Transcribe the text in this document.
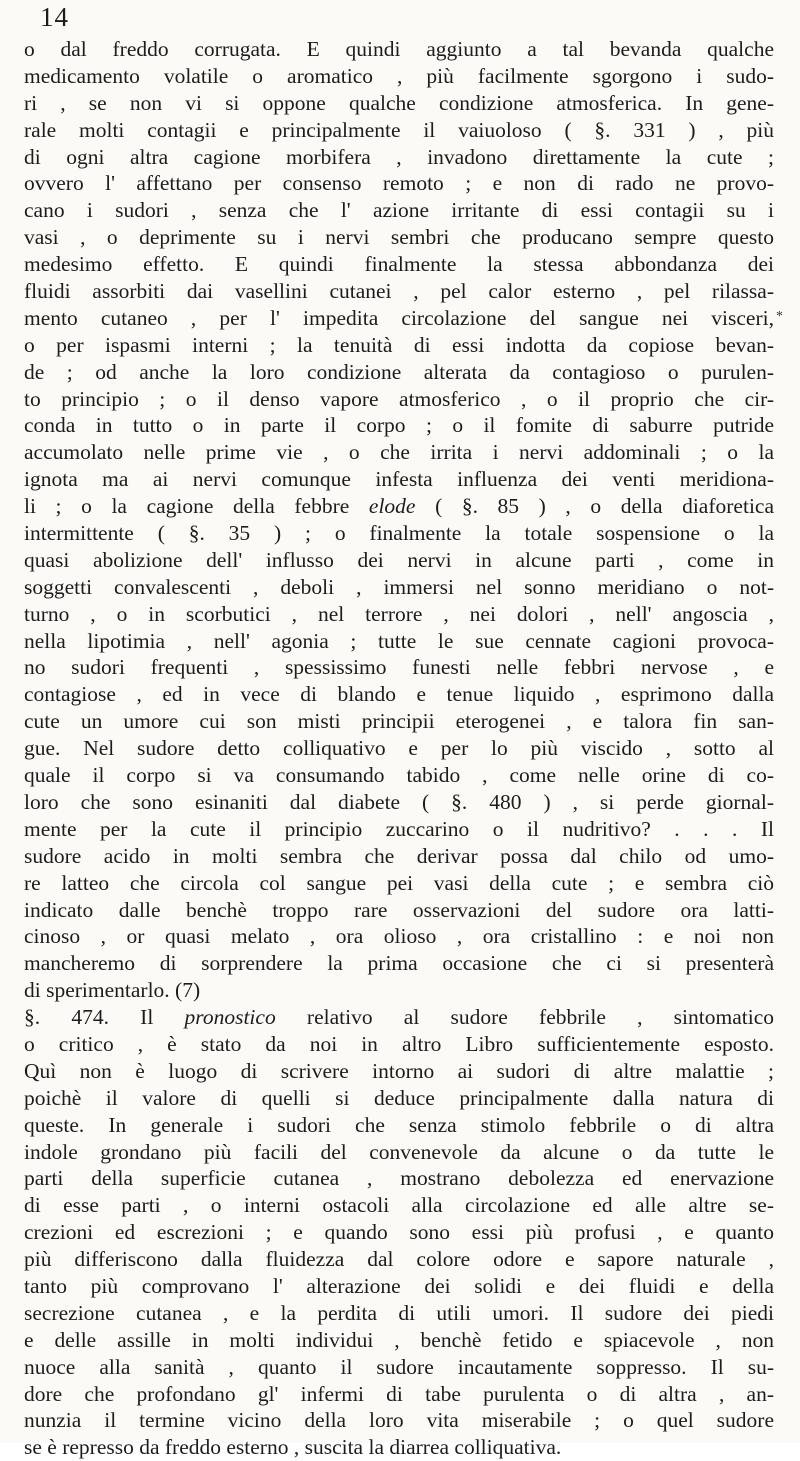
14
*
o dal freddo corrugata. E quindi aggiunto a tal bevanda qualche
medicamento volatile o aromatico , più facilmente sgorgono i sudo-
ri , se non vi si oppone qualche condizione atmosferica. In gene-
rale molti contagii e principalmente il vaiuoloso ( §. 331 ) , più
di ogni altra cagione morbifera , invadono direttamente la cute ;
ovvero l' affettano per consenso remoto ; e non di rado ne provo-
cano i sudori , senza che l' azione irritante di essi contagii su i
vasi , o deprimente su i nervi sembri che producano sempre questo
medesimo effetto. E quindi finalmente la stessa abbondanza dei
fluidi assorbiti dai vasellini cutanei , pel calor esterno , pel rilassa-
mento cutaneo , per l' impedita circolazione del sangue nei visceri,
o per ispasmi interni ; la tenuità di essi indotta da copiose bevan-
de ; od anche la loro condizione alterata da contagioso o purulen-
to principio ; o il denso vapore atmosferico , o il proprio che cir-
conda in tutto o in parte il corpo ; o il fomite di saburre putride
accumolato nelle prime vie , o che irrita i nervi addominali ; o la
ignota ma ai nervi comunque infesta influenza dei venti meridiona-
li ; o la cagione della febbre elode ( §. 85 ) , o della diaforetica
intermittente ( §. 35 ) ; o finalmente la totale sospensione o la
quasi abolizione dell' influsso dei nervi in alcune parti , come in
soggetti convalescenti , deboli , immersi nel sonno meridiano o not-
turno , o in scorbutici , nel terrore , nei dolori , nell' angoscia ,
nella lipotimia , nell' agonia ; tutte le sue cennate cagioni provoca-
no sudori frequenti , spessissimo funesti nelle febbri nervose , e
contagiose , ed in vece di blando e tenue liquido , esprimono dalla
cute un umore cui son misti principii eterogenei , e talora fin san-
gue. Nel sudore detto colliquativo e per lo più viscido , sotto al
quale il corpo si va consumando tabido , come nelle orine di co-
loro che sono esinaniti dal diabete ( §. 480 ) , si perde giornal-
mente per la cute il principio zuccarino o il nudritivo? . . . Il
sudore acido in molti sembra che derivar possa dal chilo od umo-
re latteo che circola col sangue pei vasi della cute ; e sembra ciò
indicato dalle benchè troppo rare osservazioni del sudore ora latti-
cinoso , or quasi melato , ora olioso , ora cristallino : e noi non
mancheremo di sorprendere la prima occasione che ci si presenterà
di sperimentarlo. (7)
§. 474. Il pronostico relativo al sudore febbrile , sintomatico
o critico , è stato da noi in altro Libro sufficientemente esposto.
Quì non è luogo di scrivere intorno ai sudori di altre malattie ;
poichè il valore di quelli si deduce principalmente dalla natura di
queste. In generale i sudori che senza stimolo febbrile o di altra
indole grondano più facili del convenevole da alcune o da tutte le
parti della superficie cutanea , mostrano debolezza ed enervazione
di esse parti , o interni ostacoli alla circolazione ed alle altre se-
crezioni ed escrezioni ; e quando sono essi più profusi , e quanto
più differiscono dalla fluidezza dal colore odore e sapore naturale ,
tanto più comprovano l' alterazione dei solidi e dei fluidi e della
secrezione cutanea , e la perdita di utili umori. Il sudore dei piedi
e delle assille in molti individui , benchè fetido e spiacevole , non
nuoce alla sanità , quanto il sudore incautamente soppresso. Il su-
dore che profondano gl' infermi di tabe purulenta o di altra , an-
nunzia il termine vicino della loro vita miserabile ; o quel sudore
se è represso da freddo esterno , suscita la diarrea colliquativa.
